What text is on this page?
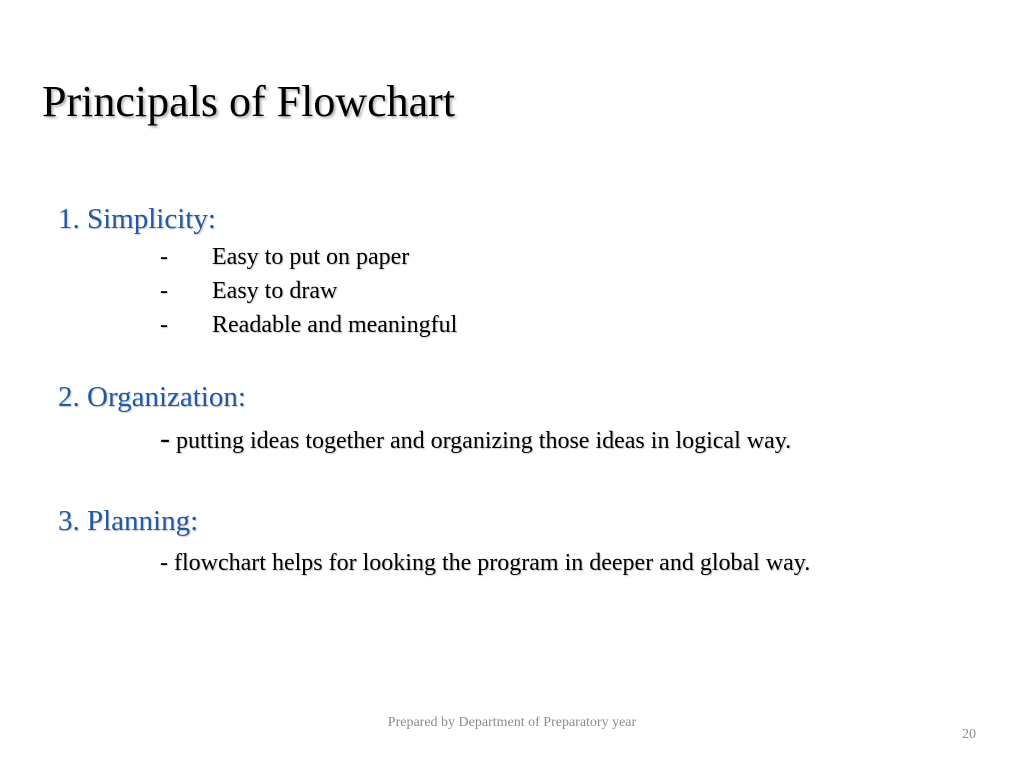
Principals of Flowchart
1. Simplicity:
- Easy to put on paper
- Easy to draw
- Readable and meaningful
2. Organization:
- putting ideas together and organizing those ideas in logical way.
3. Planning:
- flowchart helps for looking the program in deeper and global way.
Prepared by Department of Preparatory year
20
